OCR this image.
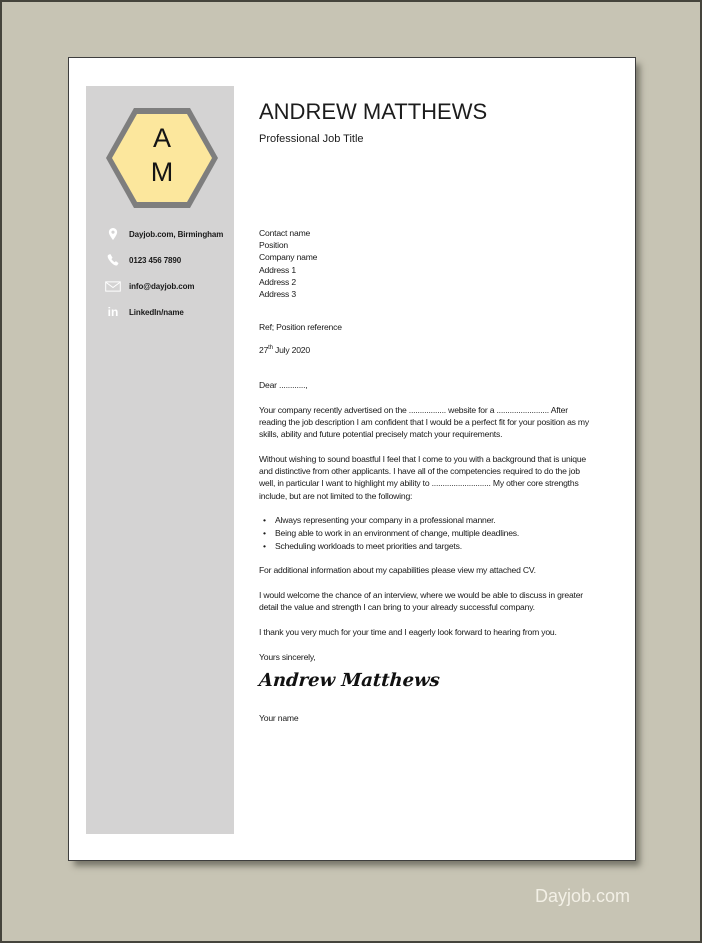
A
M
Dayjob.com, Birmingham
0123 456 7890
info@dayjob.com
in LinkedIn/name
ANDREW MATTHEWS
Professional Job Title
Contact name
Position
Company name
Address 1
Address 2
Address 3
Ref; Position reference
27th July 2020
Dear ............,
Your company recently advertised on the ................. website for a ........................ After reading the job description I am confident that I would be a perfect fit for your position as my skills, ability and future potential precisely match your requirements.
Without wishing to sound boastful I feel that I come to you with a background that is unique and distinctive from other applicants. I have all of the competencies required to do the job well, in particular I want to highlight my ability to ........................... My other core strengths include, but are not limited to the following:
•	Always representing your company in a professional manner.
•	Being able to work in an environment of change, multiple deadlines.
•	Scheduling workloads to meet priorities and targets.
For additional information about my capabilities please view my attached CV.
I would welcome the chance of an interview, where we would be able to discuss in greater detail the value and strength I can bring to your already successful company.
I thank you very much for your time and I eagerly look forward to hearing from you.
Yours sincerely,
Andrew Matthews
Your name
Dayjob.com
